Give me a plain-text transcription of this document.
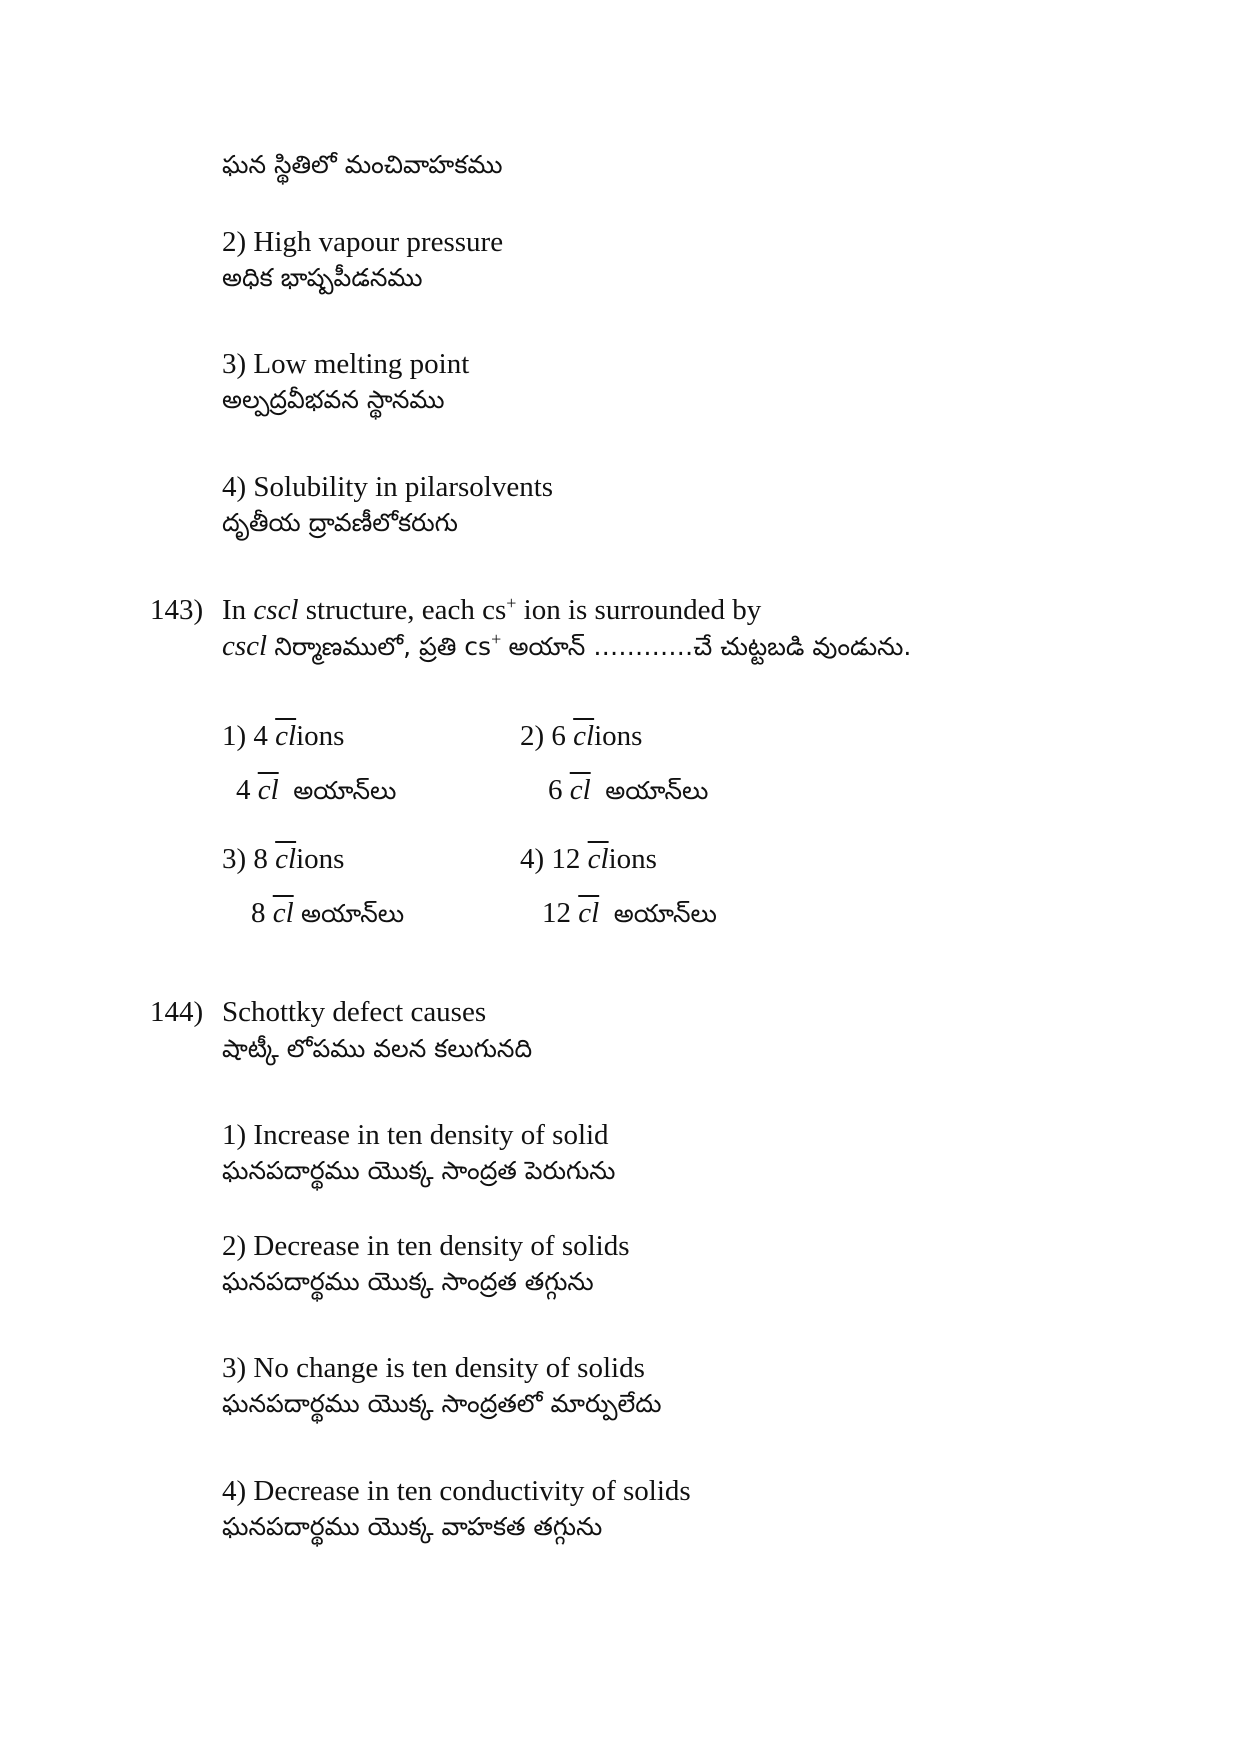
ఘన స్థితిలో మంచివాహకము
2) High vapour pressure
అధిక భాష్పపీడనము
3) Low melting point
అల్పద్రవీభవన స్థానము
4) Solubility in pilarsolvents
దృతీయ ద్రావణీలోకరుగు
143) In cscl structure, each cs+ ion is surrounded by
cscl నిర్మాణములో, ప్రతి cs+ అయాన్ …………చే చుట్టబడి వుండును.
1) 4 $\overline{cl}ions$
4 $\overline{cl}$ అయాన్‌లు
2) 6 $\overline{cl}ions$
6 $\overline{cl}$ అయాన్‌లు
3) 8 $\overline{cl}ions$
8 $\overline{cl}$ అయాన్‌లు
4) 12 $\overline{cl}ions$
12 $\overline{cl}$ అయాన్‌లు
144) Schottky defect causes
షాట్కీ లోపము వలన కలుగునది
1) Increase in ten density of solid
ఘనపదార్థము యొక్క సాంద్రత పెరుగును
2) Decrease in ten density of solids
ఘనపదార్థము యొక్క సాంద్రత తగ్గును
3) No change is ten density of solids
ఘనపదార్థము యొక్క సాంద్రతలో మార్పులేదు
4) Decrease in ten conductivity of solids
ఘనపదార్థము యొక్క వాహకత తగ్గును
